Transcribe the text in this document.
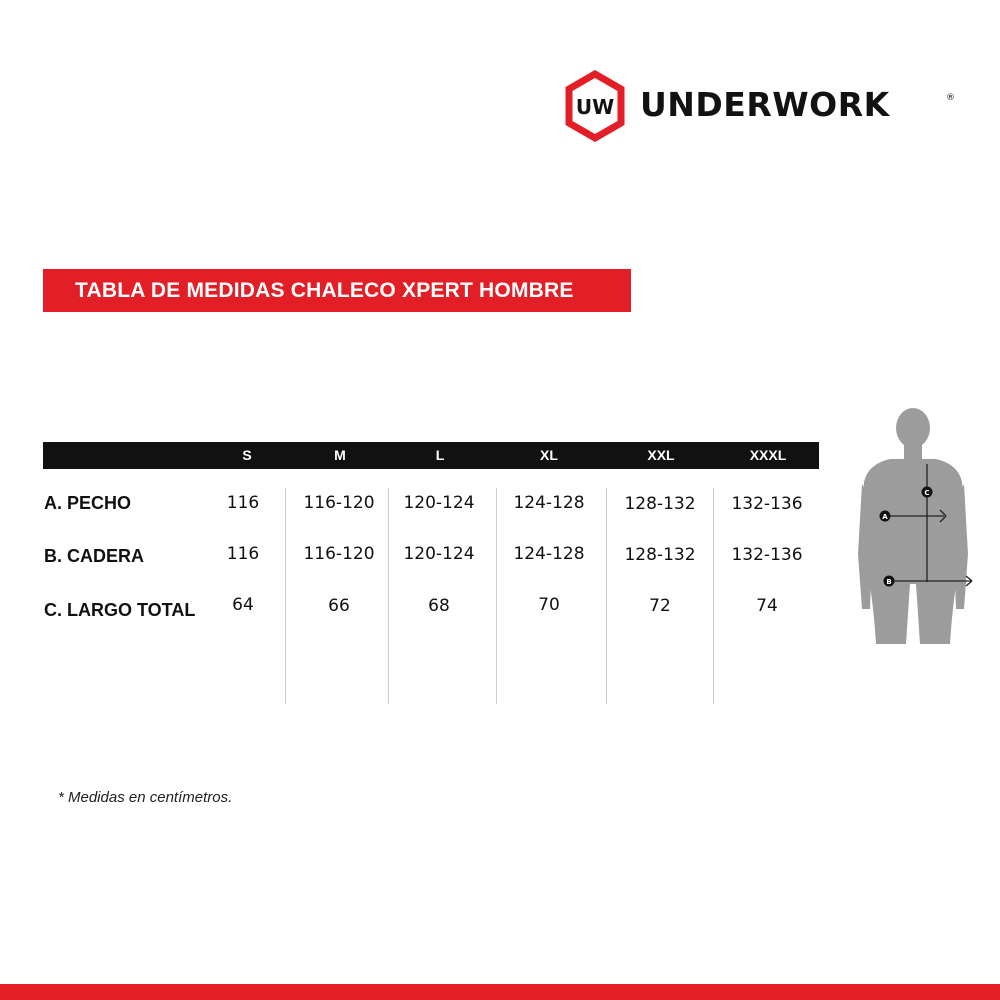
UW UNDERWORK	®
TABLA DE MEDIDAS CHALECO XPERT HOMBRE
S	M	L	XL	XXL	XXXL
A. PECHO	116	116-120 120-124 124-128 128-132 132-136
B. CADERA	116	116-120 120-124 124-128 128-132 132-136
C. LARGO TOTAL 64	66	68	70	72	74
A
B
C
* Medidas en centímetros.
